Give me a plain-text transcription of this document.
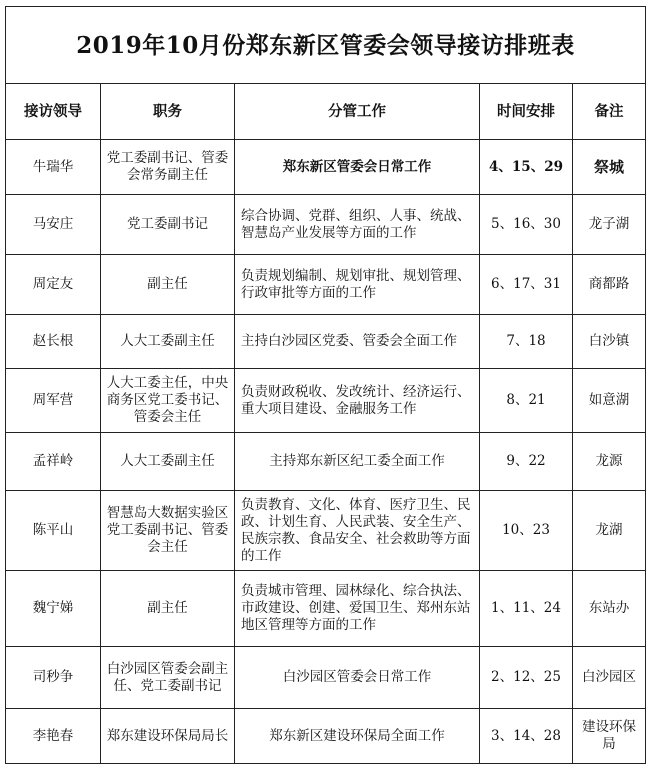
2019年10月份郑东新区管委会领导接访排班表				
接访领导	职务	分管工作	时间安排	备注
牛瑞华	党工委副书记、管委会常务副主任	郑东新区管委会日常工作	4、15、29	祭城
马安庄	党工委副书记	综合协调、党群、组织、人事、统战、智慧岛产业发展等方面的工作	5、16、30	龙子湖
周定友	副主任	负责规划编制、规划审批、规划管理、行政审批等方面的工作	6、17、31	商都路
赵长根	人大工委副主任	主持白沙园区党委、管委会全面工作	7、18	白沙镇
周军营	人大工委主任，中央商务区党工委书记、管委会主任	负责财政税收、发改统计、经济运行、重大项目建设、金融服务工作	8、21	如意湖
孟祥岭	人大工委副主任	主持郑东新区纪工委全面工作	9、22	龙源
陈平山	智慧岛大数据实验区党工委副书记、管委会主任	负责教育、文化、体育、医疗卫生、民政、计划生育、人民武装、安全生产、民族宗教、食品安全、社会救助等方面的工作	10、23	龙湖
魏宁娣	副主任	负责城市管理、园林绿化、综合执法、市政建设、创建、爱国卫生、郑州东站地区管理等方面的工作	1、11、24	东站办
司秒争	白沙园区管委会副主任、党工委副书记	白沙园区管委会日常工作	2、12、25	白沙园区
李艳春	郑东建设环保局局长	郑东新区建设环保局全面工作	3、14、28	建设环保局
